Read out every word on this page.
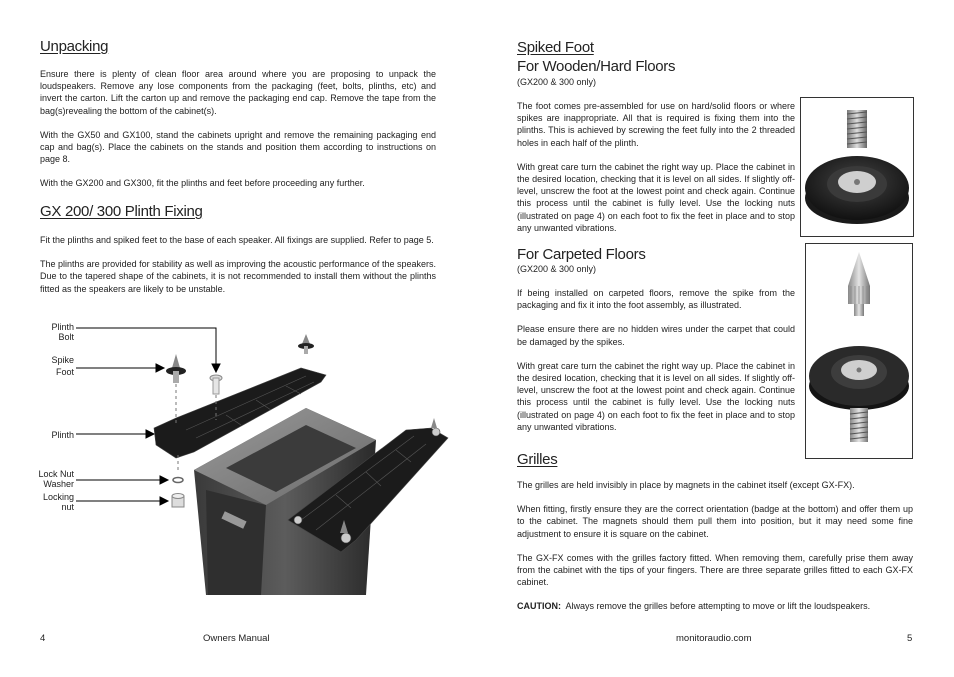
Unpacking

Ensure there is plenty of clean floor area around where you are proposing to unpack the loudspeakers. Remove any lose components from the packaging (feet, bolts, plinths, etc) and invert the carton. Lift the carton up and remove the packaging end cap. Remove the tape from the bag(s)revealing the bottom of the cabinet(s).

With the GX50 and GX100, stand the cabinets upright and remove the remaining packaging end cap and bag(s). Place the cabinets on the stands and position them according to instructions on page 8.

With the GX200 and GX300, fit the plinths and feet before proceeding any further.

GX 200/ 300 Plinth Fixing

Fit the plinths and spiked feet to the base of each speaker. All fixings are supplied. Refer to page 5.

The plinths are provided for stability as well as improving the acoustic performance of the speakers. Due to the tapered shape of the cabinets, it is not recommended to install them without the plinths fitted as the speakers are likely to be unstable.

Plinth
Bolt
Spike
Foot
Plinth
Lock Nut
Washer
Locking
nut
4	Owners Manual
Spiked Foot
For Wooden/Hard Floors
(GX200 & 300 only)

The foot comes pre-assembled for use on hard/solid floors or where spikes are inappropriate. All that is required is fixing them into the plinths. This is achieved by screwing the feet fully into the 2 threaded holes in each half of the plinth.

With great care turn the cabinet the right way up. Place the cabinet in the desired location, checking that it is level on all sides. If slightly off-level, unscrew the foot at the lowest point and check again. Continue this process until the cabinet is fully level. Use the locking nuts (illustrated on page 4) on each foot to fix the feet in place and to stop any unwanted vibrations.

For Carpeted Floors
(GX200 & 300 only)

If being installed on carpeted floors, remove the spike from the packaging and fix it into the foot assembly, as illustrated.

Please ensure there are no hidden wires under the carpet that could be damaged by the spikes.

With great care turn the cabinet the right way up. Place the cabinet in the desired location, checking that it is level on all sides. If slightly off-level, unscrew the foot at the lowest point and check again. Continue this process until the cabinet is fully level. Use the locking nuts (illustrated on page 4) on each foot to fix the feet in place and to stop any unwanted vibrations.

Grilles

The grilles are held invisibly in place by magnets in the cabinet itself (except GX-FX).

When fitting, firstly ensure they are the correct orientation (badge at the bottom) and offer them up to the cabinet. The magnets should them pull them into position, but it may need some fine adjustment to ensure it is square on the cabinet.

The GX-FX comes with the grilles factory fitted. When removing them, carefully prise them away from the cabinet with the tips of your fingers. There are three separate grilles fitted to each GX-FX cabinet.

CAUTION: Always remove the grilles before attempting to move or lift the loudspeakers.

monitoraudio.com	5
